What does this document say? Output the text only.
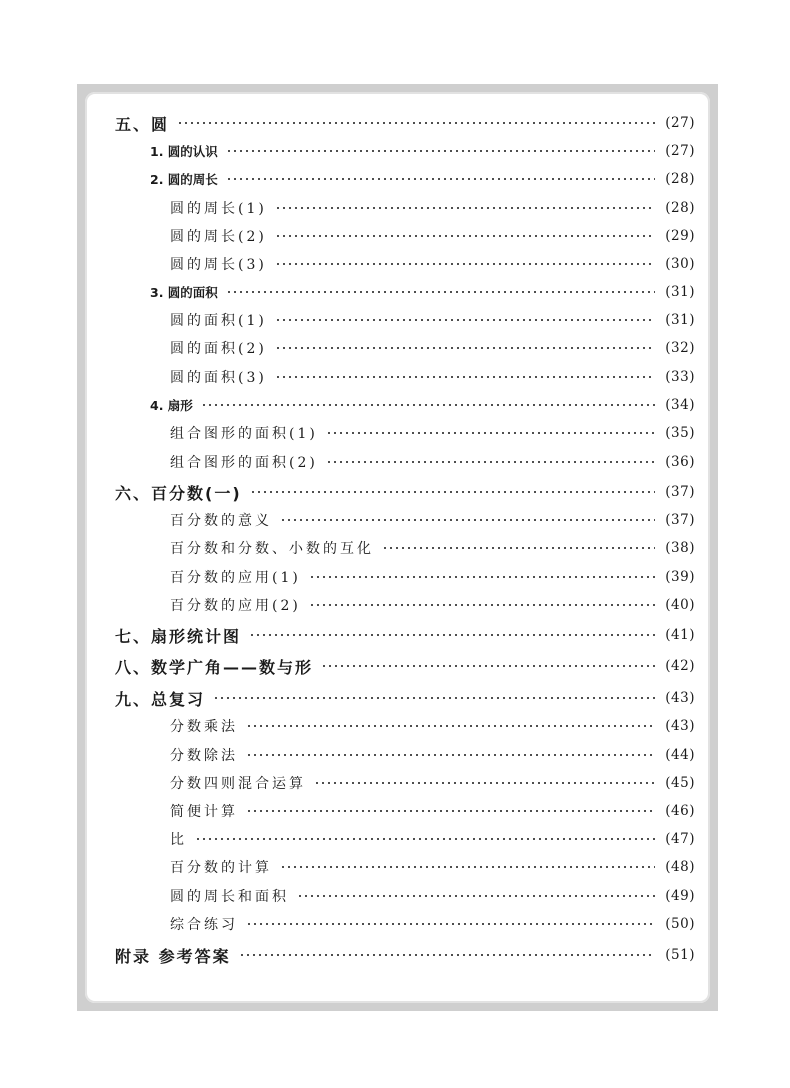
五、圆	(27)
1. 圆的认识	(27)
2. 圆的周长	(28)
圆的周长(1)	(28)
圆的周长(2)	(29)
圆的周长(3)	(30)
3. 圆的面积	(31)
圆的面积(1)	(31)
圆的面积(2)	(32)
圆的面积(3)	(33)
4. 扇形	(34)
组合图形的面积(1)	(35)
组合图形的面积(2)	(36)
六、百分数(一)	(37)
百分数的意义	(37)
百分数和分数、小数的互化	(38)
百分数的应用(1)	(39)
百分数的应用(2)	(40)
七、扇形统计图	(41)
八、数学广角——数与形	(42)
九、总复习	(43)
分数乘法	(43)
分数除法	(44)
分数四则混合运算	(45)
简便计算	(46)
比	(47)
百分数的计算	(48)
圆的周长和面积	(49)
综合练习	(50)
附录 参考答案	(51)
